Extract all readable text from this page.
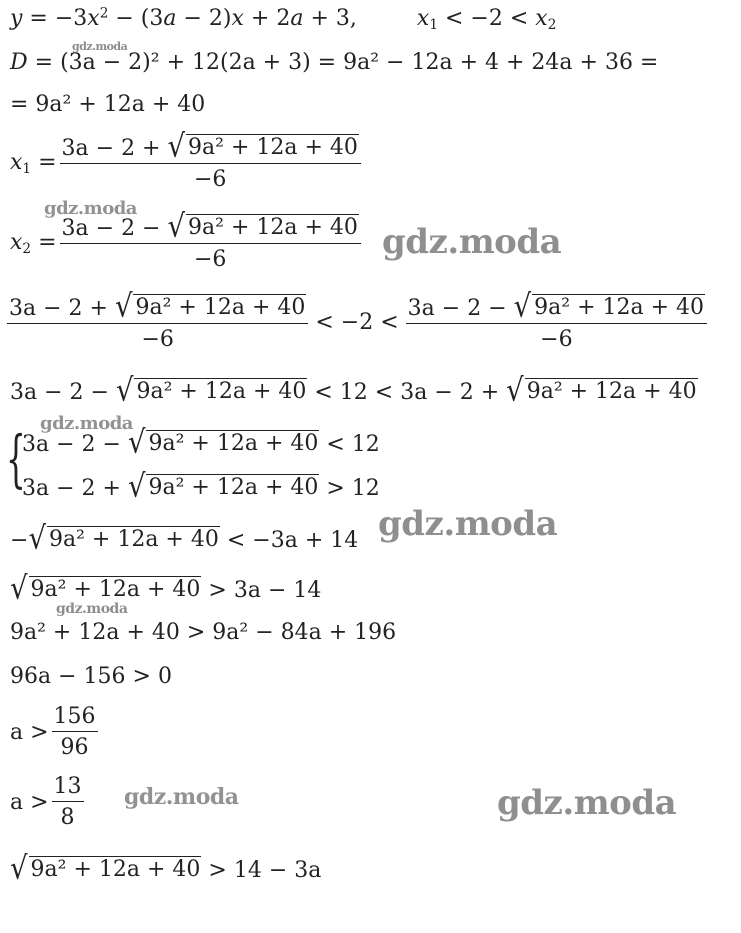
$y = -3x^2 - (3a - 2)x + 2a + 3$,	$x_1 < -2 < x_2$
D = (3a − 2)² + 12(2a + 3) = 9a² − 12a + 4 + 24a + 36 =
= 9a² + 12a + 40
$x_1 = \frac{\text{3a − 2 + √ 9a² + 12a + 40}}{-6}$
$x_2 = \frac{\text{3a − 2 − √ 9a² + 12a + 40}}{-6}$
$\frac{\text{3a − 2 + √ 9a² + 12a + 40}}{-6} < -2 < \frac{\text{3a − 2 − √ 9a² + 12a + 40}}{-6}$
3a − 2 − √ 9a² + 12a + 40 < 12 < 3a − 2 + √ 9a² + 12a + 40
{
3a − 2 − √ 9a² + 12a + 40 < 12
3a − 2 + √ 9a² + 12a + 40 > 12
− √ 9a² + 12a + 40 < −3a + 14
√ 9a² + 12a + 40 > 3a − 14
9a² + 12a + 40 > 9a² − 84a + 196
96a − 156 > 0
$a > \frac{156}{96}$
$a > \frac{13}{8}$
√ 9a² + 12a + 40 > 14 − 3a
gdz.moda
gdz.moda
gdz.moda
gdz.moda
gdz.moda
gdz.moda
gdz.moda	gdz.moda
